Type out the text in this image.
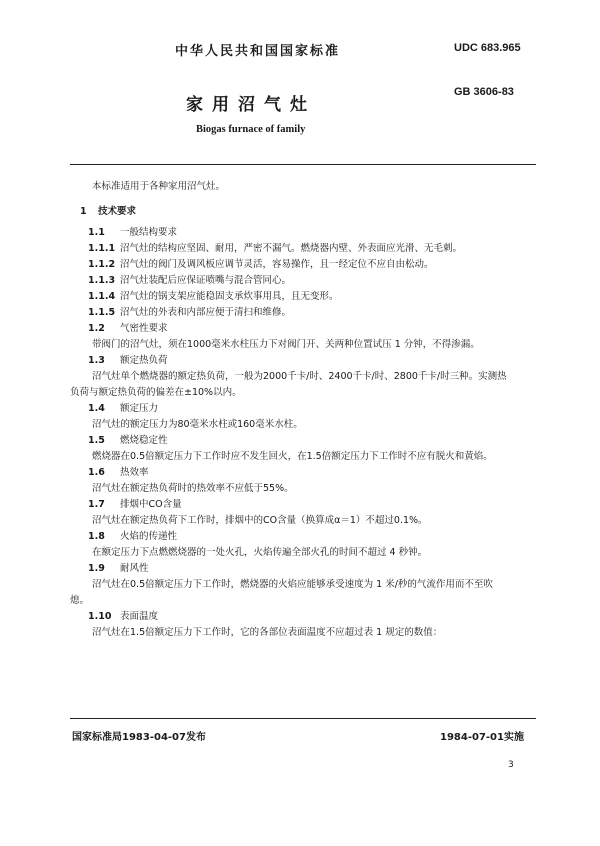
中华人民共和国国家标准	UDC 683.965
家用沼气灶
GB 3606-83
Biogas furnace of family
本标准适用于各种家用沼气灶。
1 技术要求
1.1 一般结构要求
1.1.1 沼气灶的结构应坚固、耐用，严密不漏气。燃烧器内壁、外表面应光滑、无毛刺。
1.1.2 沼气灶的阀门及调风板应调节灵活，容易操作，且一经定位不应自由松动。
1.1.3 沼气灶装配后应保证喷嘴与混合管同心。
1.1.4 沼气灶的锅支架应能稳固支承炊事用具，且无变形。
1.1.5 沼气灶的外表和内部应便于清扫和维修。
1.2 气密性要求
带阀门的沼气灶，须在1000毫米水柱压力下对阀门开、关两种位置试压 1 分钟，不得渗漏。
1.3 额定热负荷
沼气灶单个燃烧器的额定热负荷，一般为2000千卡/时、2400千卡/时、2800千卡/时三种。实测热
负荷与额定热负荷的偏差在±10%以内。
1.4 额定压力
沼气灶的额定压力为80毫米水柱或160毫米水柱。
1.5 燃烧稳定性
燃烧器在0.5倍额定压力下工作时应不发生回火，在1.5倍额定压力下工作时不应有脱火和黄焰。
1.6 热效率
沼气灶在额定热负荷时的热效率不应低于55%。
1.7 排烟中CO含量
沼气灶在额定热负荷下工作时，排烟中的CO含量（换算成α＝1）不超过0.1%。
1.8 火焰的传递性
在额定压力下点燃燃烧器的一处火孔，火焰传遍全部火孔的时间不超过 4 秒钟。
1.9 耐风性
沼气灶在0.5倍额定压力下工作时，燃烧器的火焰应能够承受速度为 1 米/秒的气流作用而不至吹
熄。
1.10 表面温度
沼气灶在1.5倍额定压力下工作时，它的各部位表面温度不应超过表 1 规定的数值：
国家标准局1983-04-07发布	1984-07-01实施
3
